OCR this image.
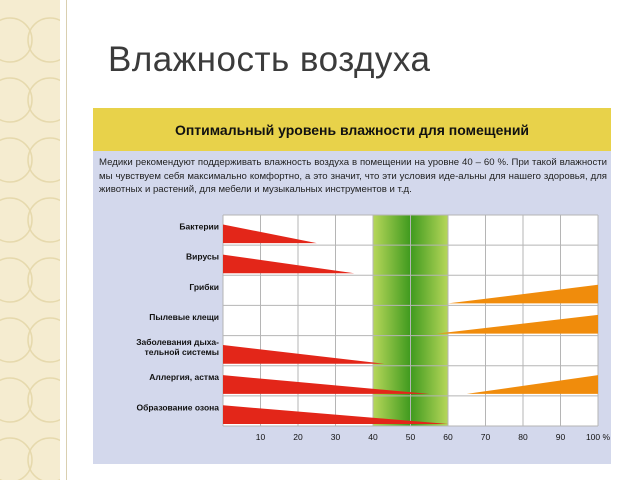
Влажность воздуха
Оптимальный уровень влажности для помещений
Медики рекомендуют поддерживать влажность воздуха в помещении на уровне 40 – 60 %. При такой влажности мы чувствуем себя максимально комфортно, а это значит, что эти условия иде-альны для нашего здоровья, для животных и растений, для мебели и музыкальных инструментов и т.д.
Бактерии
Вирусы
Грибки
Пылевые клещи
Заболевания дыха-
тельной системы
Аллергия, астма
Образование озона
10	20	30	40	50	60	70	80	90 100 %
